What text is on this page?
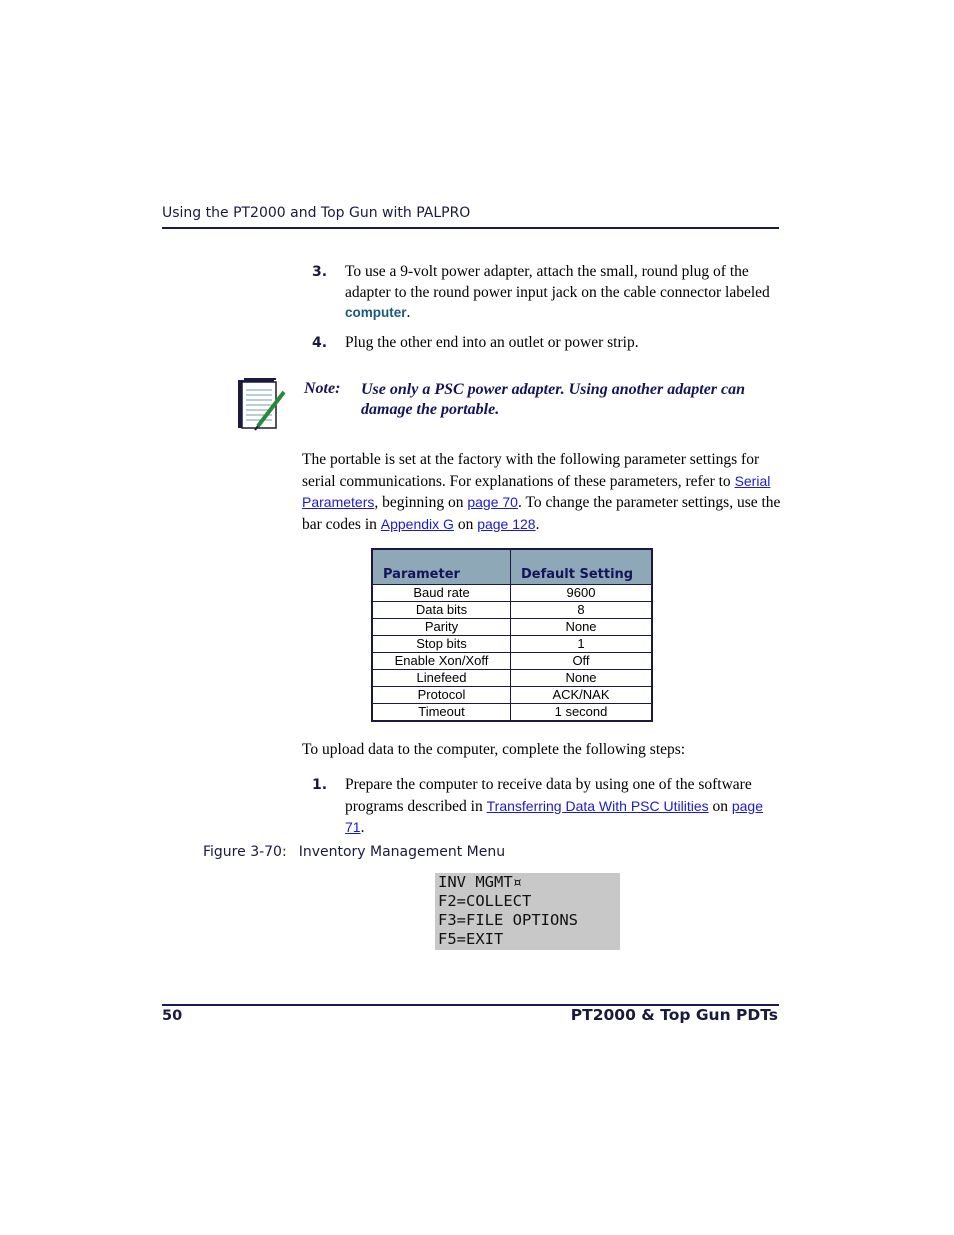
Using the PT2000 and Top Gun with PALPRO
3. To use a 9-volt power adapter, attach the small, round plug of the adapter to the round power input jack on the cable connector labeled computer.
4. Plug the other end into an outlet or power strip.
Note: Use only a PSC power adapter. Using another adapter can damage the portable.
The portable is set at the factory with the following parameter settings for serial communications. For explanations of these parameters, refer to Serial Parameters, beginning on page 70. To change the parameter settings, use the bar codes in Appendix G on page 128.
Parameter	Default Setting
Baud rate	9600
Data bits	8
Parity	None
Stop bits	1
Enable Xon/Xoff	Off
Linefeed	None
Protocol	ACK/NAK
Timeout	1 second
To upload data to the computer, complete the following steps:
1. Prepare the computer to receive data by using one of the software programs described in Transferring Data With PSC Utilities on page 71.
Figure 3-70: Inventory Management Menu
INV MGMT¤
F2=COLLECT
F3=FILE OPTIONS
F5=EXIT
50	PT2000 & Top Gun PDTs
